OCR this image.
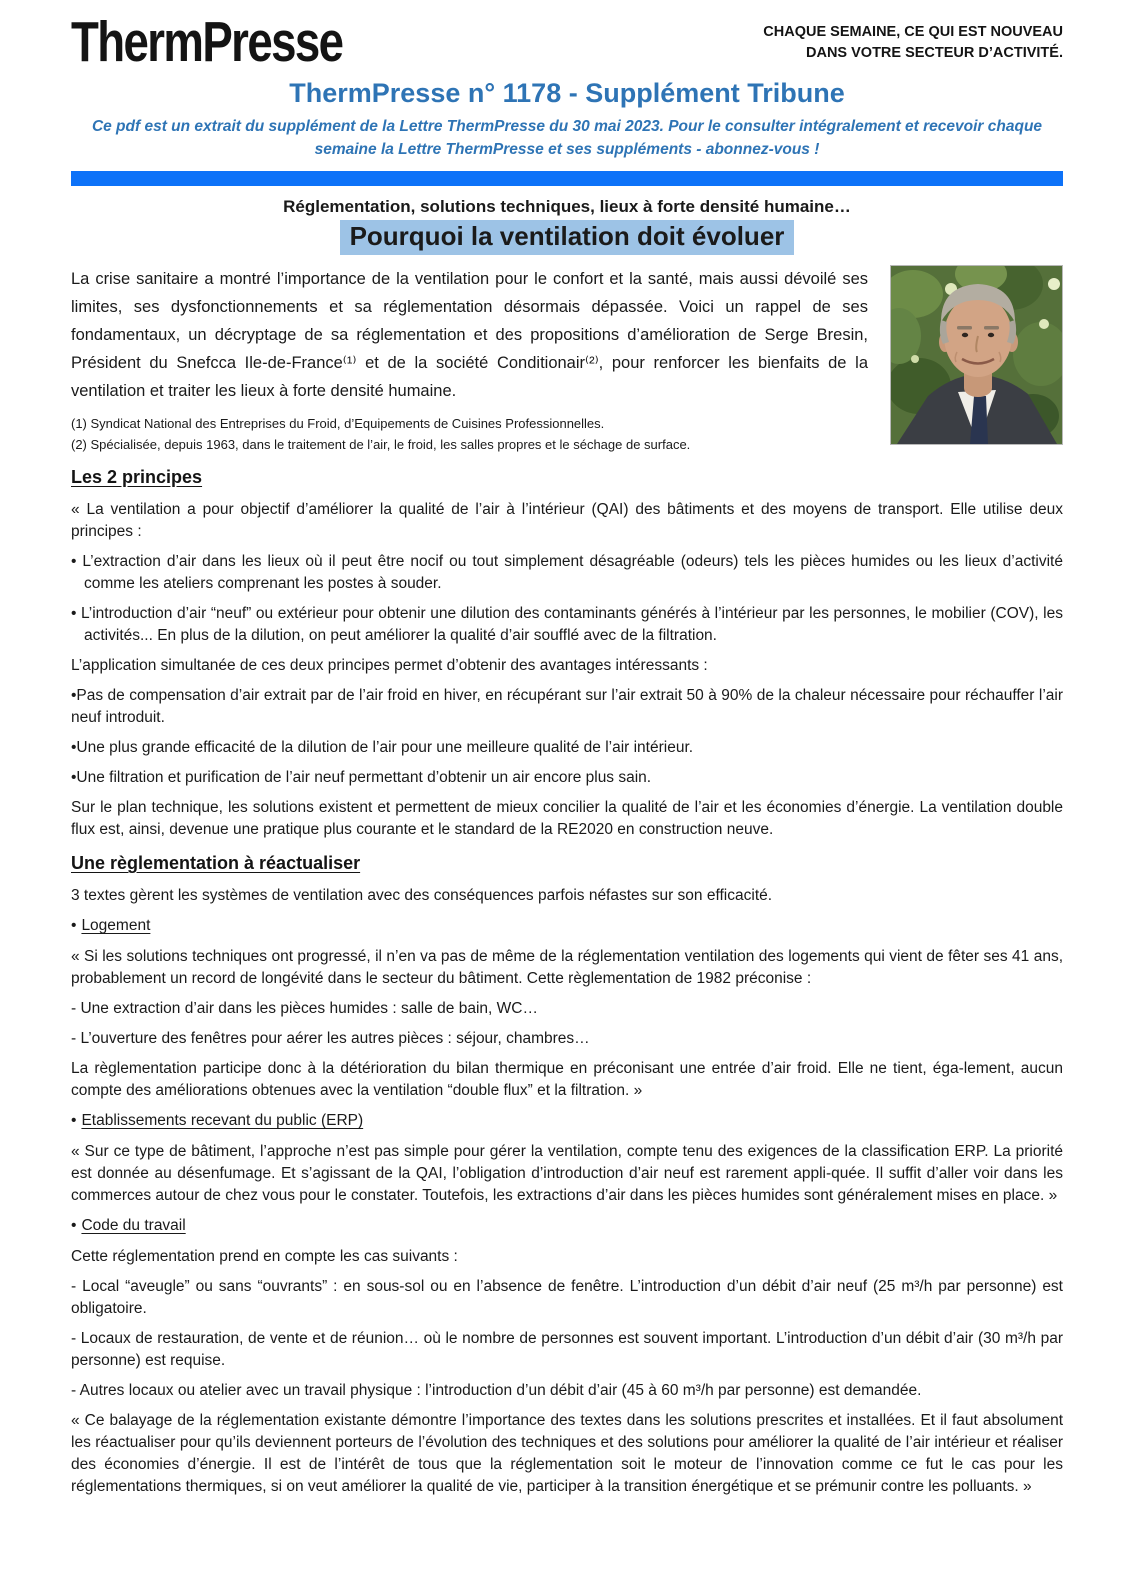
ThermPresse	CHAQUE SEMAINE, CE QUI EST NOUVEAU
DANS VOTRE SECTEUR D’ACTIVITÉ.
ThermPresse n° 1178 - Supplément Tribune
Ce pdf est un extrait du supplément de la Lettre ThermPresse du 30 mai 2023. Pour le consulter intégralement et recevoir chaque semaine la Lettre ThermPresse et ses suppléments - abonnez-vous !
Réglementation, solutions techniques, lieux à forte densité humaine…
Pourquoi la ventilation doit évoluer

La crise sanitaire a montré l’importance de la ventilation pour le confort et la santé, mais aussi dévoilé ses limites, ses dysfonctionnements et sa réglementation désormais dépassée. Voici un rappel de ses fondamentaux, un décryptage de sa réglementation et des propositions d’amélioration de Serge Bresin, Président du Snefcca Ile-de-France⁽¹⁾ et de la société Conditionair⁽²⁾, pour renforcer les bienfaits de la ventilation et traiter les lieux à forte densité humaine.

(1) Syndicat National des Entreprises du Froid, d’Equipements de Cuisines Professionnelles.

(2) Spécialisée, depuis 1963, dans le traitement de l’air, le froid, les salles propres et le séchage de surface.

Les 2 principes

« La ventilation a pour objectif d’améliorer la qualité de l’air à l’intérieur (QAI) des bâtiments et des moyens de transport. Elle utilise deux principes :

• L’extraction d’air dans les lieux où il peut être nocif ou tout simplement désagréable (odeurs) tels les pièces humides ou les lieux d’activité comme les ateliers comprenant les postes à souder.

• L’introduction d’air “neuf” ou extérieur pour obtenir une dilution des contaminants générés à l’intérieur par les personnes, le mobilier (COV), les activités... En plus de la dilution, on peut améliorer la qualité d’air soufflé avec de la filtration.

L’application simultanée de ces deux principes permet d’obtenir des avantages intéressants :

•Pas de compensation d’air extrait par de l’air froid en hiver, en récupérant sur l’air extrait 50 à 90% de la chaleur nécessaire pour réchauffer l’air neuf introduit.

•Une plus grande efficacité de la dilution de l’air pour une meilleure qualité de l’air intérieur.

•Une filtration et purification de l’air neuf permettant d’obtenir un air encore plus sain.

Sur le plan technique, les solutions existent et permettent de mieux concilier la qualité de l’air et les économies d’énergie. La ventilation double flux est, ainsi, devenue une pratique plus courante et le standard de la RE2020 en construction neuve.

Une règlementation à réactualiser

3 textes gèrent les systèmes de ventilation avec des conséquences parfois néfastes sur son efficacité.

• Logement

« Si les solutions techniques ont progressé, il n’en va pas de même de la réglementation ventilation des logements qui vient de fêter ses 41 ans, probablement un record de longévité dans le secteur du bâtiment. Cette règlementation de 1982 préconise :

- Une extraction d’air dans les pièces humides : salle de bain, WC…

- L’ouverture des fenêtres pour aérer les autres pièces : séjour, chambres…

La règlementation participe donc à la détérioration du bilan thermique en préconisant une entrée d’air froid. Elle ne tient, éga-lement, aucun compte des améliorations obtenues avec la ventilation “double flux” et la filtration. »

• Etablissements recevant du public (ERP)

« Sur ce type de bâtiment, l’approche n’est pas simple pour gérer la ventilation, compte tenu des exigences de la classification ERP. La priorité est donnée au désenfumage. Et s’agissant de la QAI, l’obligation d’introduction d’air neuf est rarement appli-quée. Il suffit d’aller voir dans les commerces autour de chez vous pour le constater. Toutefois, les extractions d’air dans les pièces humides sont généralement mises en place. »

• Code du travail

Cette réglementation prend en compte les cas suivants :

- Local “aveugle” ou sans “ouvrants” : en sous-sol ou en l’absence de fenêtre. L’introduction d’un débit d’air neuf (25 m³/h par personne) est obligatoire.

- Locaux de restauration, de vente et de réunion… où le nombre de personnes est souvent important. L’introduction d’un débit d’air (30 m³/h par personne) est requise.

- Autres locaux ou atelier avec un travail physique : l’introduction d’un débit d’air (45 à 60 m³/h par personne) est demandée.

« Ce balayage de la réglementation existante démontre l’importance des textes dans les solutions prescrites et installées. Et il faut absolument les réactualiser pour qu’ils deviennent porteurs de l’évolution des techniques et des solutions pour améliorer la qualité de l’air intérieur et réaliser des économies d’énergie. Il est de l’intérêt de tous que la réglementation soit le moteur de l’innovation comme ce fut le cas pour les réglementations thermiques, si on veut améliorer la qualité de vie, participer à la transition énergétique et se prémunir contre les polluants. »
